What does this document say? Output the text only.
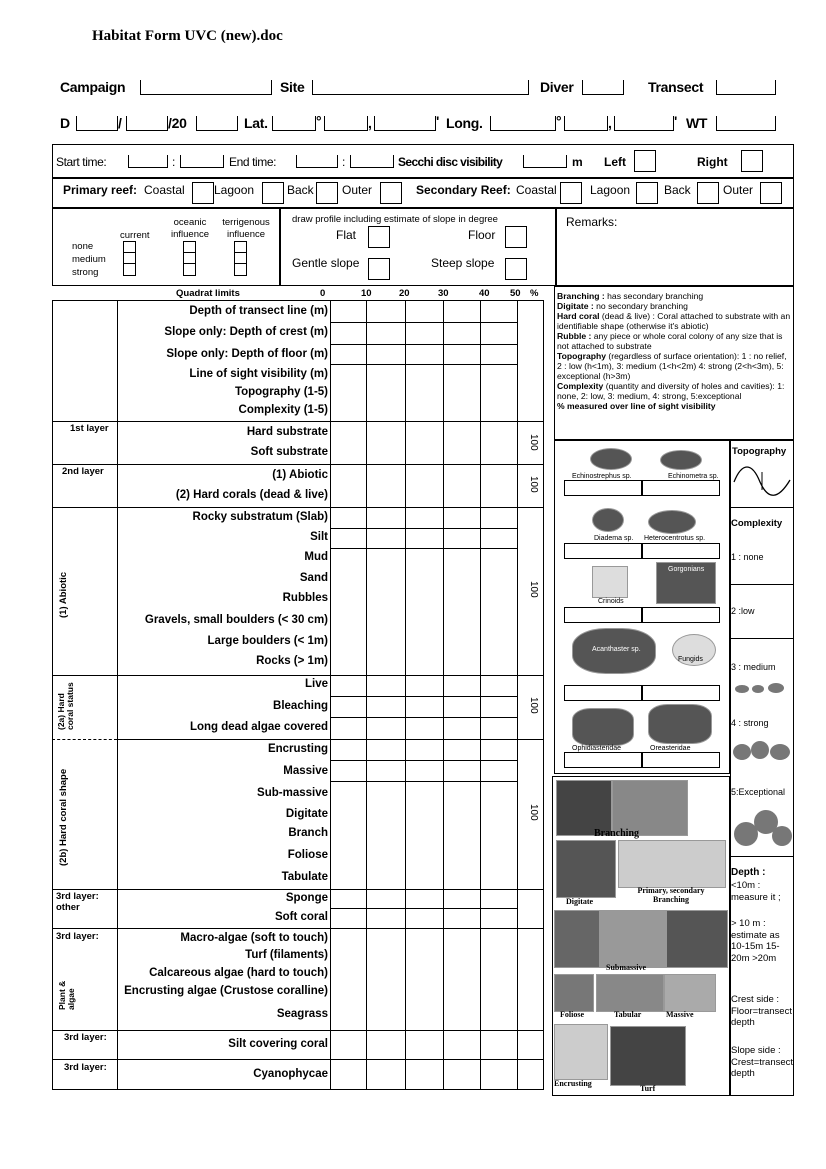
Habitat Form UVC (new).doc
Campaign	Site	Diver	Transect
D	/	/20	Lat.	°	,	' Long.	°	,	' WT
Start time:	:	End time:	:	Secchi disc visibility	m Left	Right
Primary reef: Coastal Lagoon	Back Outer	Secondary Reef: Coastal	Lagoon	Back	Outer
current
oceanic influence
terrigenous influence
none
medium
strong
draw profile including estimate of slope in degree
Flat	Floor
Gentle slope	Steep slope
Remarks:
Quadrat limits	0	10	20	30	40 50 %
Depth of transect line (m)
Slope only: Depth of crest (m)
Slope only: Depth of floor (m)
Line of sight visibility (m)
Topography (1-5)
Complexity (1-5)
1st layer	Hard substrate
Soft substrate
100
2nd layer	(1) Abiotic
(2) Hard corals (dead & live)
100
(1) Abiotic
Rocky substratum (Slab)
Silt
Mud
Sand
Rubbles
Gravels, small boulders (< 30 cm)
Large boulders (< 1m)
Rocks (> 1m)
100
(2a) Hard coral status	Live
Bleaching
Long dead algae covered
100
(2b) Hard coral shape
Encrusting
Massive
Sub-massive
Digitate
Branch
Foliose
Tabulate
100
3rd layer: other
Sponge
Soft coral
3rd layer:
Plant & algae
Macro-algae (soft to touch)
Turf (filaments)
Calcareous algae (hard to touch)
Encrusting algae (Crustose coralline)
Seagrass
3rd layer:
Silt covering coral
3rd layer:
Cyanophycae
Branching : has secondary branching
Digitate : no secondary branching
Hard coral (dead & live) : Coral attached to substrate with an identifiable shape (otherwise it's abiotic)
Rubble : any piece or whole coral colony of any size that is not attached to substrate
Topography (regardless of surface orientation): 1 : no relief, 2 : low (h<1m), 3: medium (1<h<2m) 4: strong (2<h<3m), 5: exceptional (h>3m)
Complexity (quantity and diversity of holes and cavities): 1: none, 2: low, 3: medium, 4: strong, 5:exceptional
% measured over line of sight visibility
Echinostrephus sp.	Echinometra sp.
Diadema sp. Heterocentrotus sp.
Gorgonians
Crinoids
Acanthaster sp.
Fungids
Ophidiasteridae	Oreasteridae
Branching
Digitate
Primary, secondary Branching
Submassive
Foliose	Tabular	Massive
Encrusting
Turf
Topography
Complexity
1 : none
2 :low
3 : medium
4 : strong
5:Exceptional
Depth :
<10m : measure it ;
> 10 m : estimate as 10-15m 15-20m >20m
Crest side : Floor=transect depth
Slope side : Crest=transect depth
